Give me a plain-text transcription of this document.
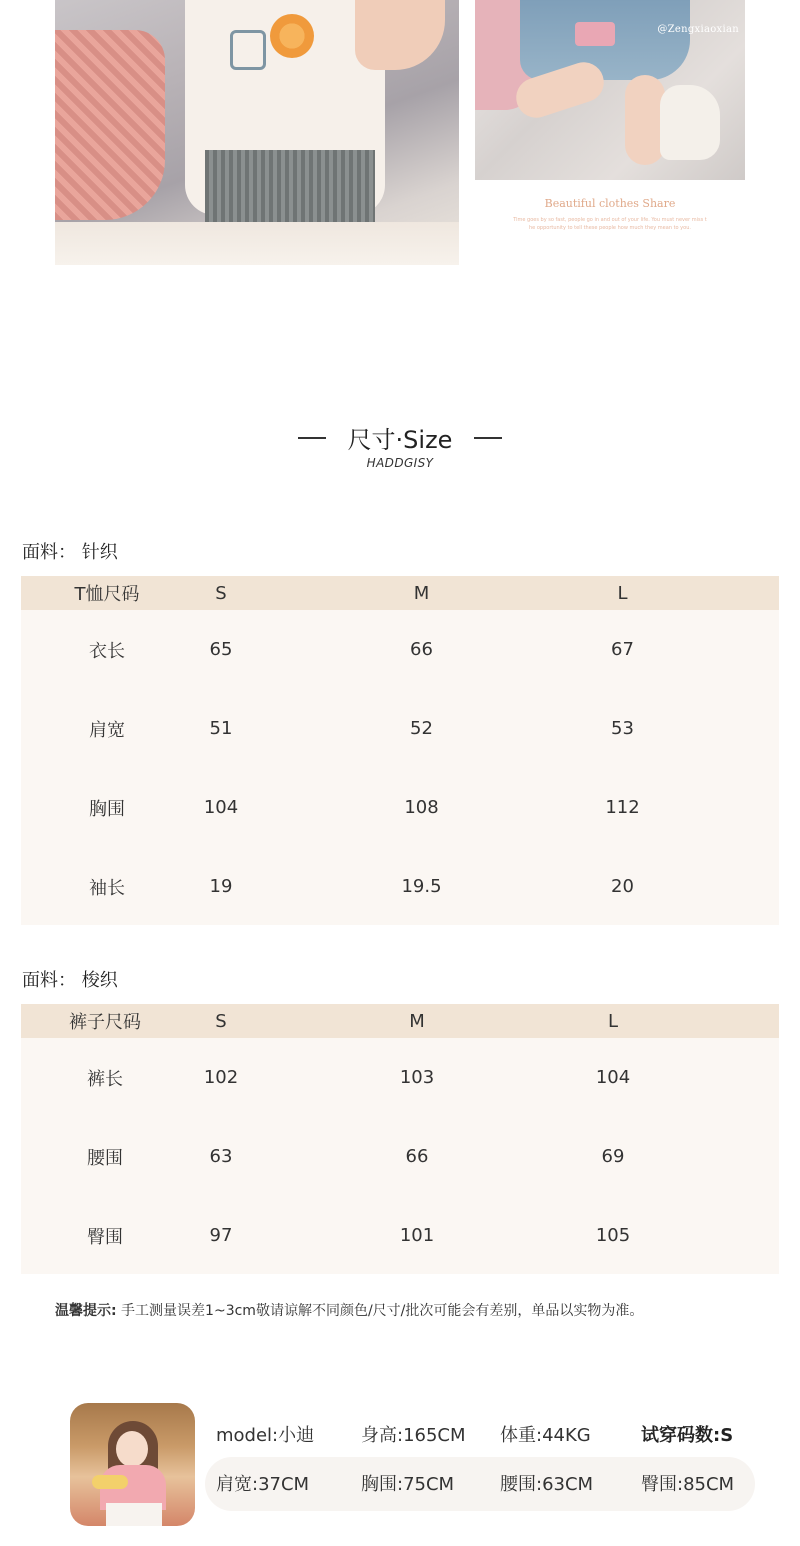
@Zengxiaoxian
Beautiful clothes Share
Time goes by so fast, people go in and out of your life. You must never miss t
he opportunity to tell these people how much they mean to you.
尺寸·Size
HADDGISY
面料： 针织
T恤尺码	S	M	L
衣长	65	66	67
肩宽	51	52	53
胸围	104	108	112
袖长	19	19.5	20
面料： 梭织
裤子尺码	S	M	L
裤长	102	103	104
腰围	63	66	69
臀围	97	101	105
温馨提示: 手工测量误差1~3cm敬请谅解不同颜色/尺寸/批次可能会有差别，单品以实物为准。
model:小迪	身高:165CM 体重:44KG	试穿码数:S
肩宽:37CM	胸围:75CM	腰围:63CM	臀围:85CM
